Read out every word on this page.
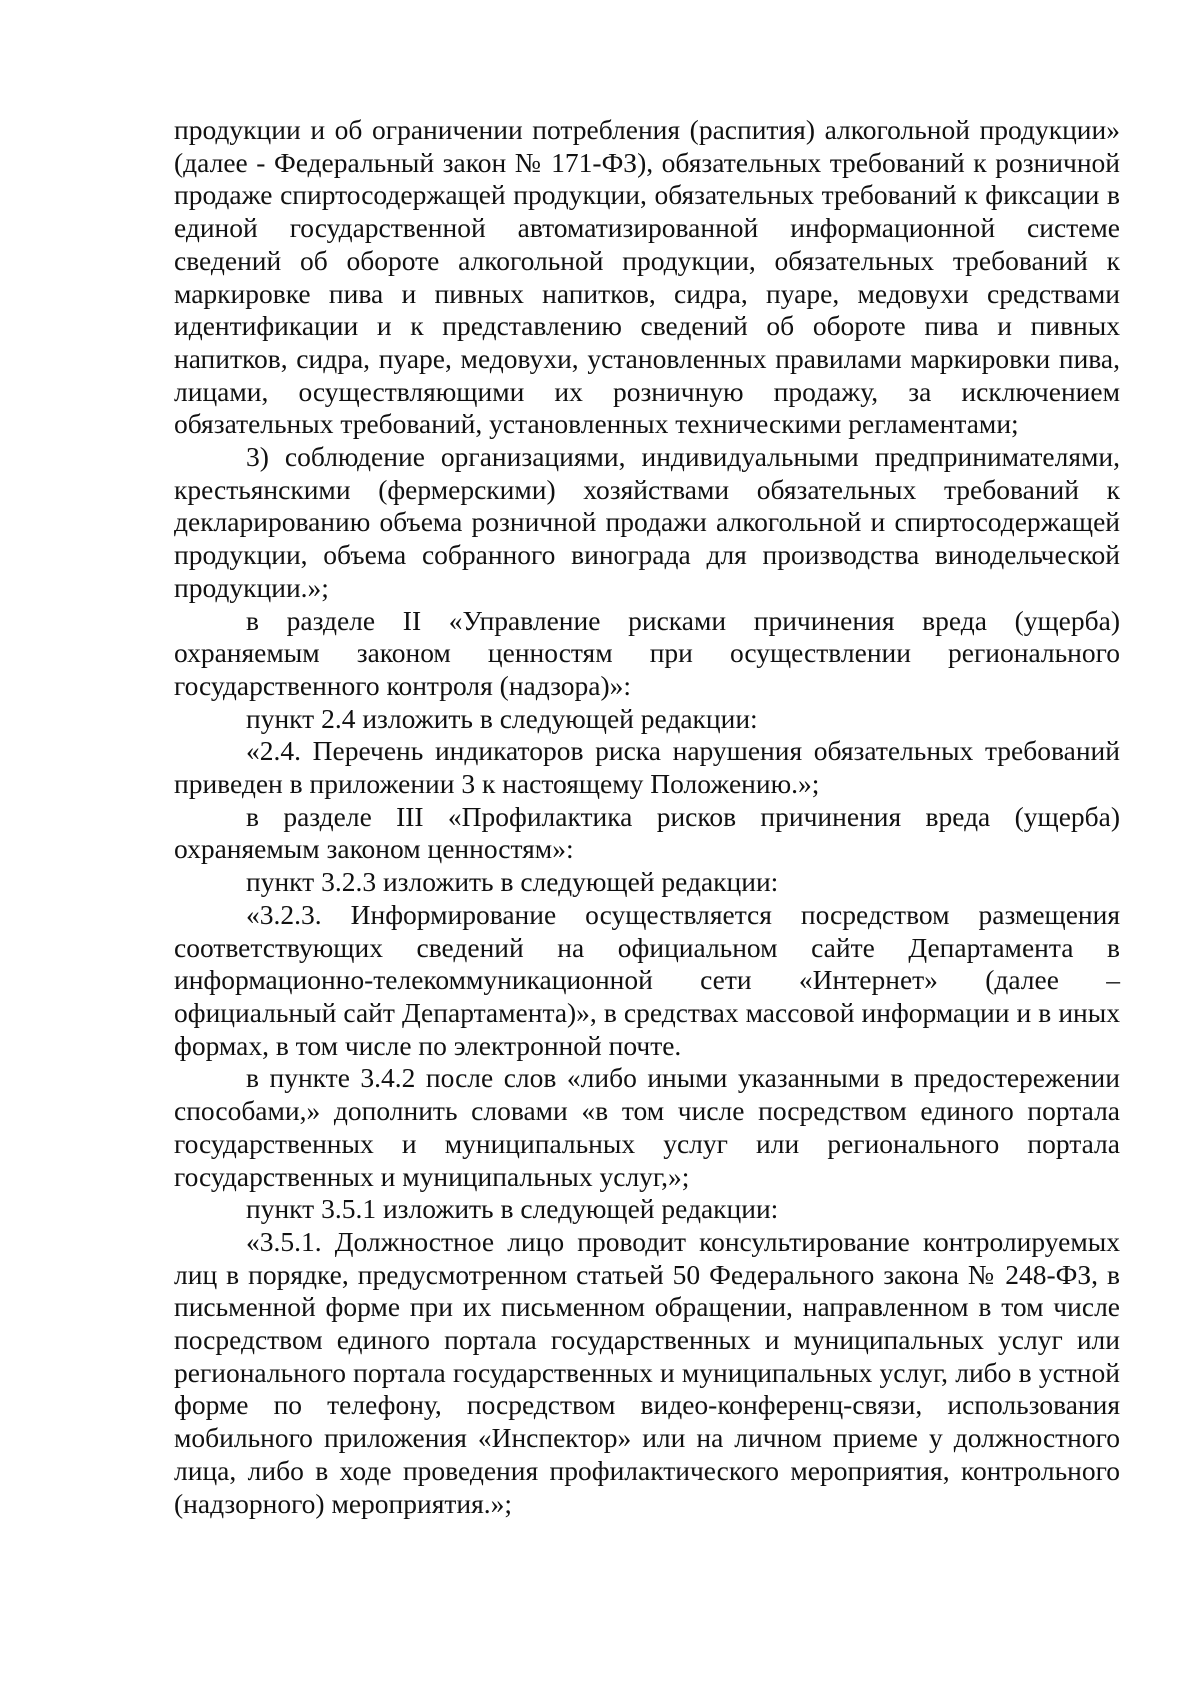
продукции и об ограничении потребления (распития) алкогольной продукции» (далее - Федеральный закон № 171-ФЗ), обязательных требований к розничной продаже спиртосодержащей продукции, обязательных требований к фиксации в единой государственной автоматизированной информационной системе сведений об обороте алкогольной продукции, обязательных требований к маркировке пива и пивных напитков, сидра, пуаре, медовухи средствами идентификации и к представлению сведений об обороте пива и пивных напитков, сидра, пуаре, медовухи, установленных правилами маркировки пива, лицами, осуществляющими их розничную продажу, за исключением обязательных требований, установленных техническими регламентами;

3) соблюдение организациями, индивидуальными предпринимателями, крестьянскими (фермерскими) хозяйствами обязательных требований к декларированию объема розничной продажи алкогольной и спиртосодержащей продукции, объема собранного винограда для производства винодельческой продукции.»;

в разделе II «Управление рисками причинения вреда (ущерба) охраняемым законом ценностям при осуществлении регионального государственного контроля (надзора)»:

пункт 2.4 изложить в следующей редакции:

«2.4. Перечень индикаторов риска нарушения обязательных требований приведен в приложении 3 к настоящему Положению.»;

в разделе III «Профилактика рисков причинения вреда (ущерба) охраняемым законом ценностям»:

пункт 3.2.3 изложить в следующей редакции:

«3.2.3. Информирование осуществляется посредством размещения соответствующих сведений на официальном сайте Департамента в информационно-телекоммуникационной сети «Интернет» (далее – официальный сайт Департамента)», в средствах массовой информации и в иных формах, в том числе по электронной почте.

в пункте 3.4.2 после слов «либо иными указанными в предостережении способами,» дополнить словами «в том числе посредством единого портала государственных и муниципальных услуг или регионального портала государственных и муниципальных услуг,»;

пункт 3.5.1 изложить в следующей редакции:

«3.5.1. Должностное лицо проводит консультирование контролируемых лиц в порядке, предусмотренном статьей 50 Федерального закона № 248-ФЗ, в письменной форме при их письменном обращении, направленном в том числе посредством единого портала государственных и муниципальных услуг или регионального портала государственных и муниципальных услуг, либо в устной форме по телефону, посредством видео-конференц-связи, использования мобильного приложения «Инспектор» или на личном приеме у должностного лица, либо в ходе проведения профилактического мероприятия, контрольного (надзорного) мероприятия.»;
